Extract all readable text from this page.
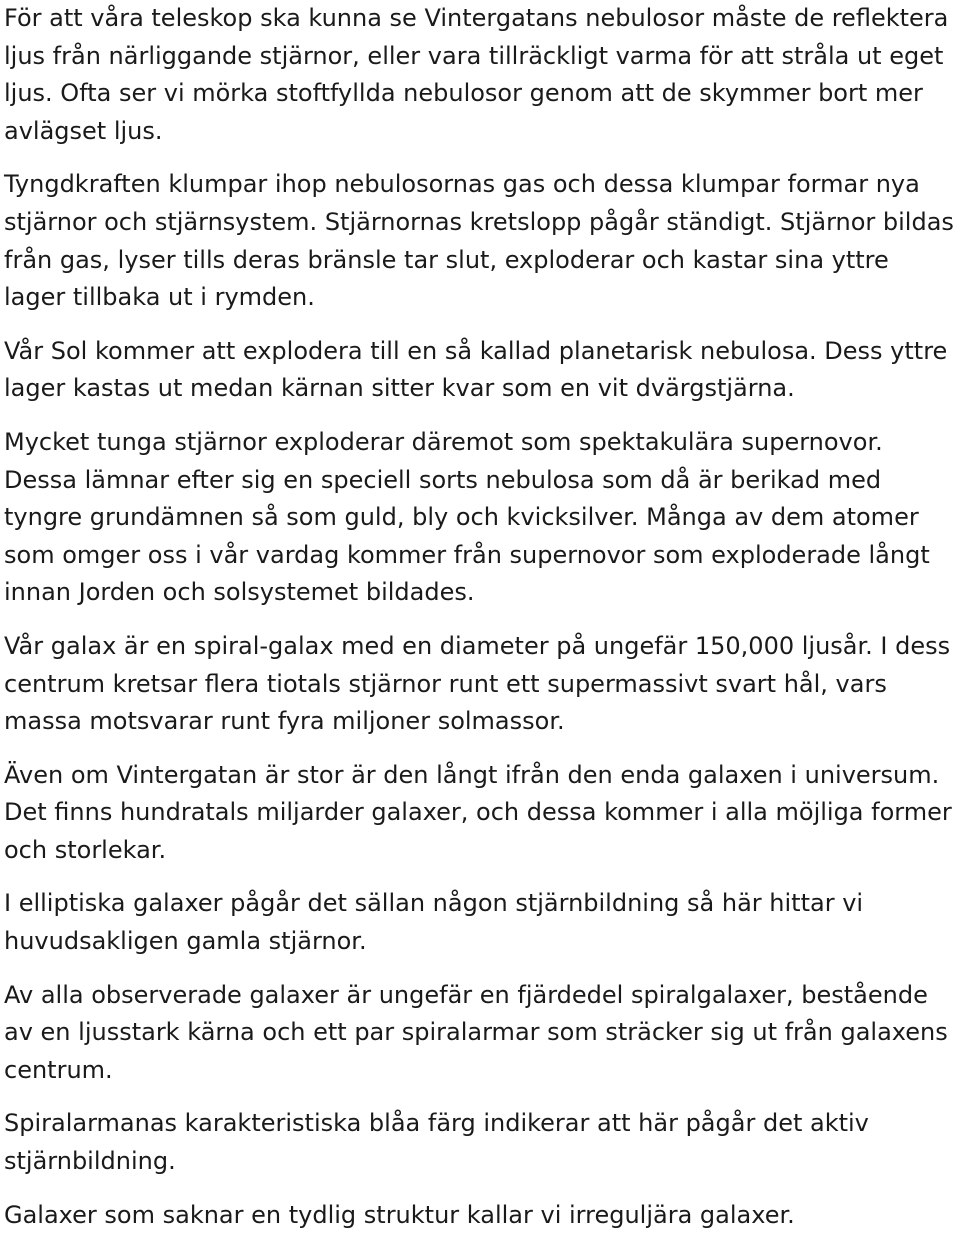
För att våra teleskop ska kunna se Vintergatans nebulosor måste de reflektera ljus från närliggande stjärnor, eller vara tillräckligt varma för att stråla ut eget ljus. Ofta ser vi mörka stoftfyllda nebulosor genom att de skymmer bort mer avlägset ljus.

Tyngdkraften klumpar ihop nebulosornas gas och dessa klumpar formar nya stjärnor och stjärnsystem. Stjärnornas kretslopp pågår ständigt. Stjärnor bildas från gas, lyser tills deras bränsle tar slut, exploderar och kastar sina yttre lager tillbaka ut i rymden.

Vår Sol kommer att explodera till en så kallad planetarisk nebulosa. Dess yttre lager kastas ut medan kärnan sitter kvar som en vit dvärgstjärna.

Mycket tunga stjärnor exploderar däremot som spektakulära supernovor. Dessa lämnar efter sig en speciell sorts nebulosa som då är berikad med tyngre grundämnen så som guld, bly och kvicksilver. Många av dem atomer som omger oss i vår vardag kommer från supernovor som exploderade långt innan Jorden och solsystemet bildades.

Vår galax är en spiral-galax med en diameter på ungefär 150,000 ljusår. I dess centrum kretsar flera tiotals stjärnor runt ett supermassivt svart hål, vars massa motsvarar runt fyra miljoner solmassor.

Även om Vintergatan är stor är den långt ifrån den enda galaxen i universum. Det finns hundratals miljarder galaxer, och dessa kommer i alla möjliga former och storlekar.

I elliptiska galaxer pågår det sällan någon stjärnbildning så här hittar vi huvudsakligen gamla stjärnor.

Av alla observerade galaxer är ungefär en fjärdedel spiralgalaxer, bestående av en ljusstark kärna och ett par spiralarmar som sträcker sig ut från galaxens centrum.

Spiralarmanas karakteristiska blåa färg indikerar att här pågår det aktiv stjärnbildning.

Galaxer som saknar en tydlig struktur kallar vi irreguljära galaxer.
